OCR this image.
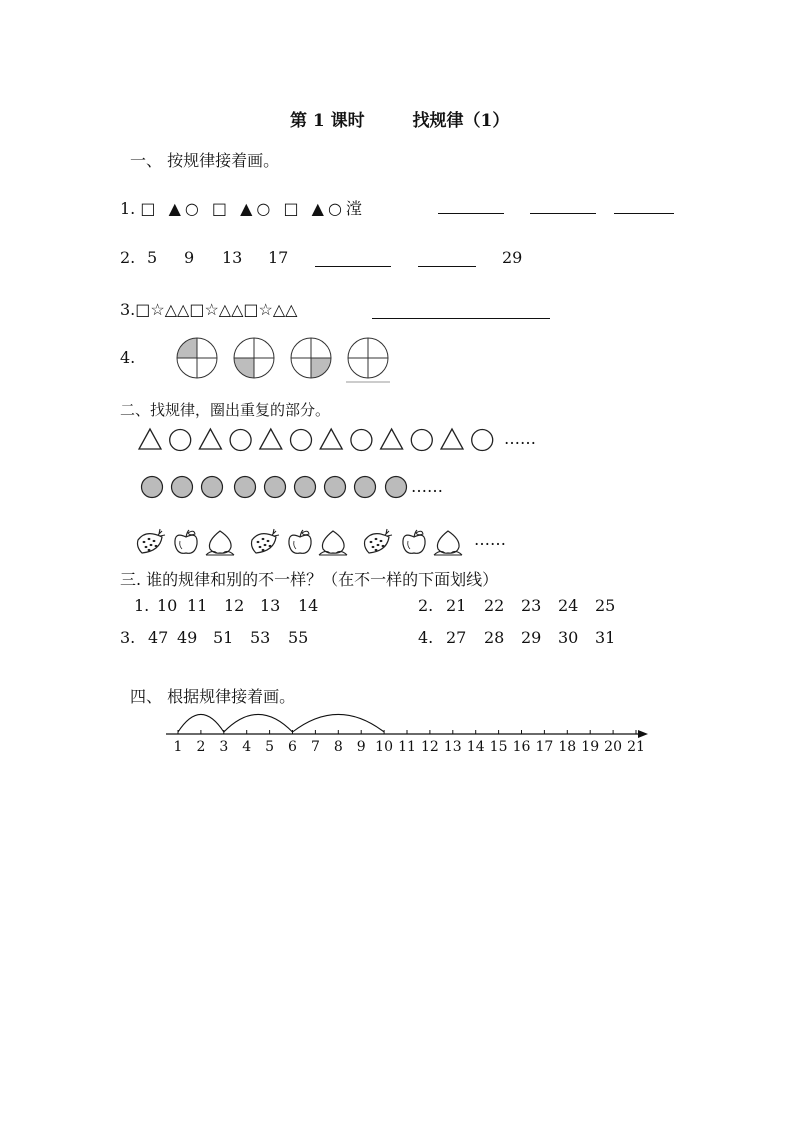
第 1 课时	找规律（1）
一、 按规律接着画。
1. □ ▲○ □ ▲○ □ ▲○漟
2. 5 9 13 17	29
3.□☆△△□☆△△□☆△△
4.
二、找规律，圈出重复的部分。
……
……
……
三. 谁的规律和别的不一样？（在不一样的下面划线）
1. 10 11 12 13 14	2. 21 22 23 24 25
3. 47 49 51 53 55	4. 27 28 29 30 31
四、 根据规律接着画。
1 2 3 4 5 6 7 8 9 10 11 12 13 14 15 16 17 18 19 20 21
